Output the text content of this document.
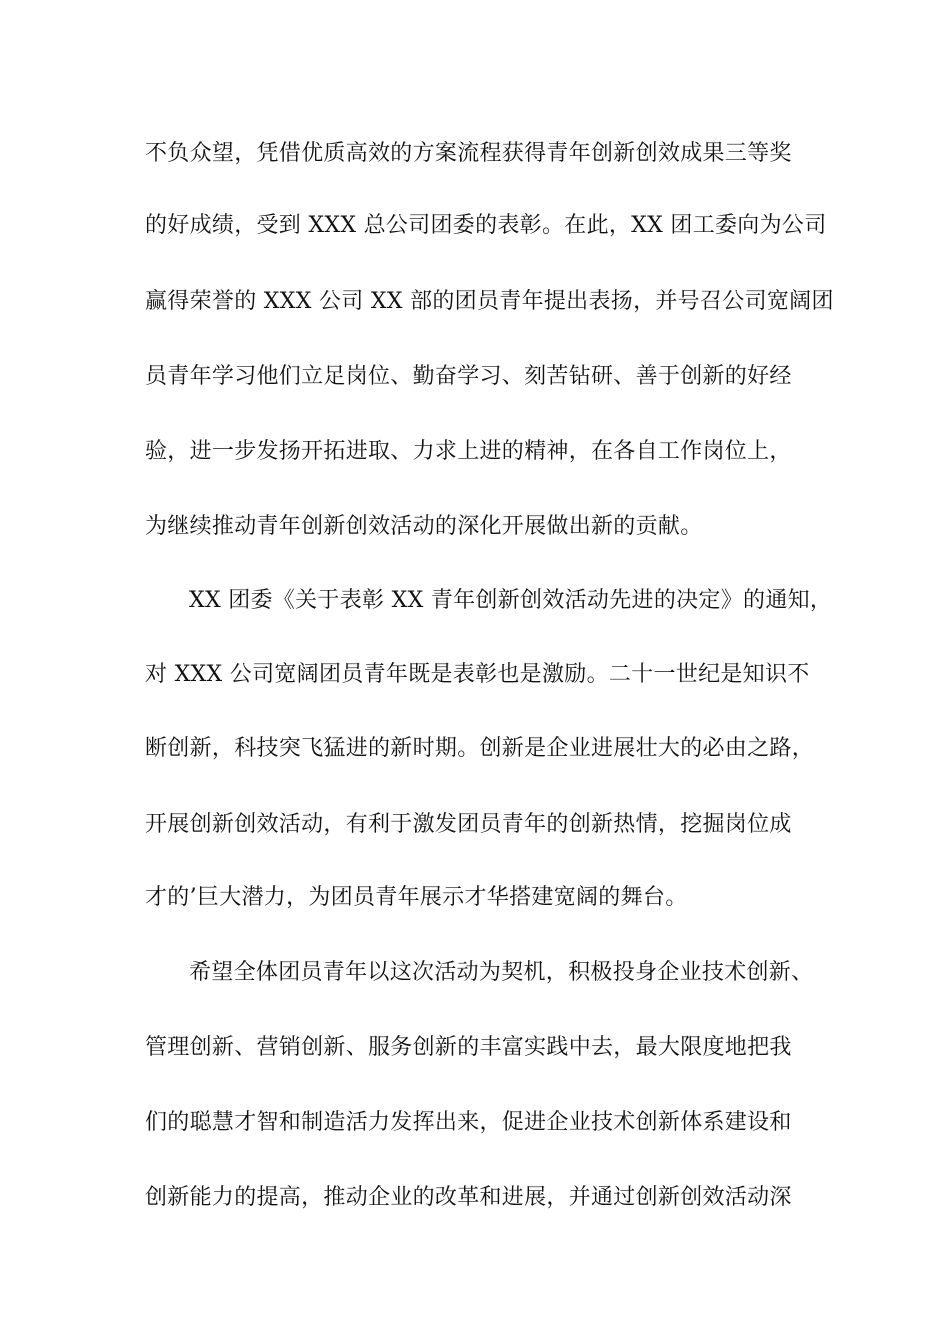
不负众望，凭借优质高效的方案流程获得青年创新创效成果三等奖
的好成绩，受到 XXX 总公司团委的表彰。在此，XX 团工委向为公司
赢得荣誉的 XXX 公司 XX 部的团员青年提出表扬，并号召公司宽阔团
员青年学习他们立足岗位、勤奋学习、刻苦钻研、善于创新的好经
验，进一步发扬开拓进取、力求上进的精神，在各自工作岗位上，
为继续推动青年创新创效活动的深化开展做出新的贡献。
XX 团委《关于表彰 XX 青年创新创效活动先进的决定》的通知，
对 XXX 公司宽阔团员青年既是表彰也是激励。二十一世纪是知识不
断创新，科技突飞猛进的新时期。创新是企业进展壮大的必由之路，
开展创新创效活动，有利于激发团员青年的创新热情，挖掘岗位成
才的’巨大潜力，为团员青年展示才华搭建宽阔的舞台。
希望全体团员青年以这次活动为契机，积极投身企业技术创新、
管理创新、营销创新、服务创新的丰富实践中去，最大限度地把我
们的聪慧才智和制造活力发挥出来，促进企业技术创新体系建设和
创新能力的提高，推动企业的改革和进展，并通过创新创效活动深
